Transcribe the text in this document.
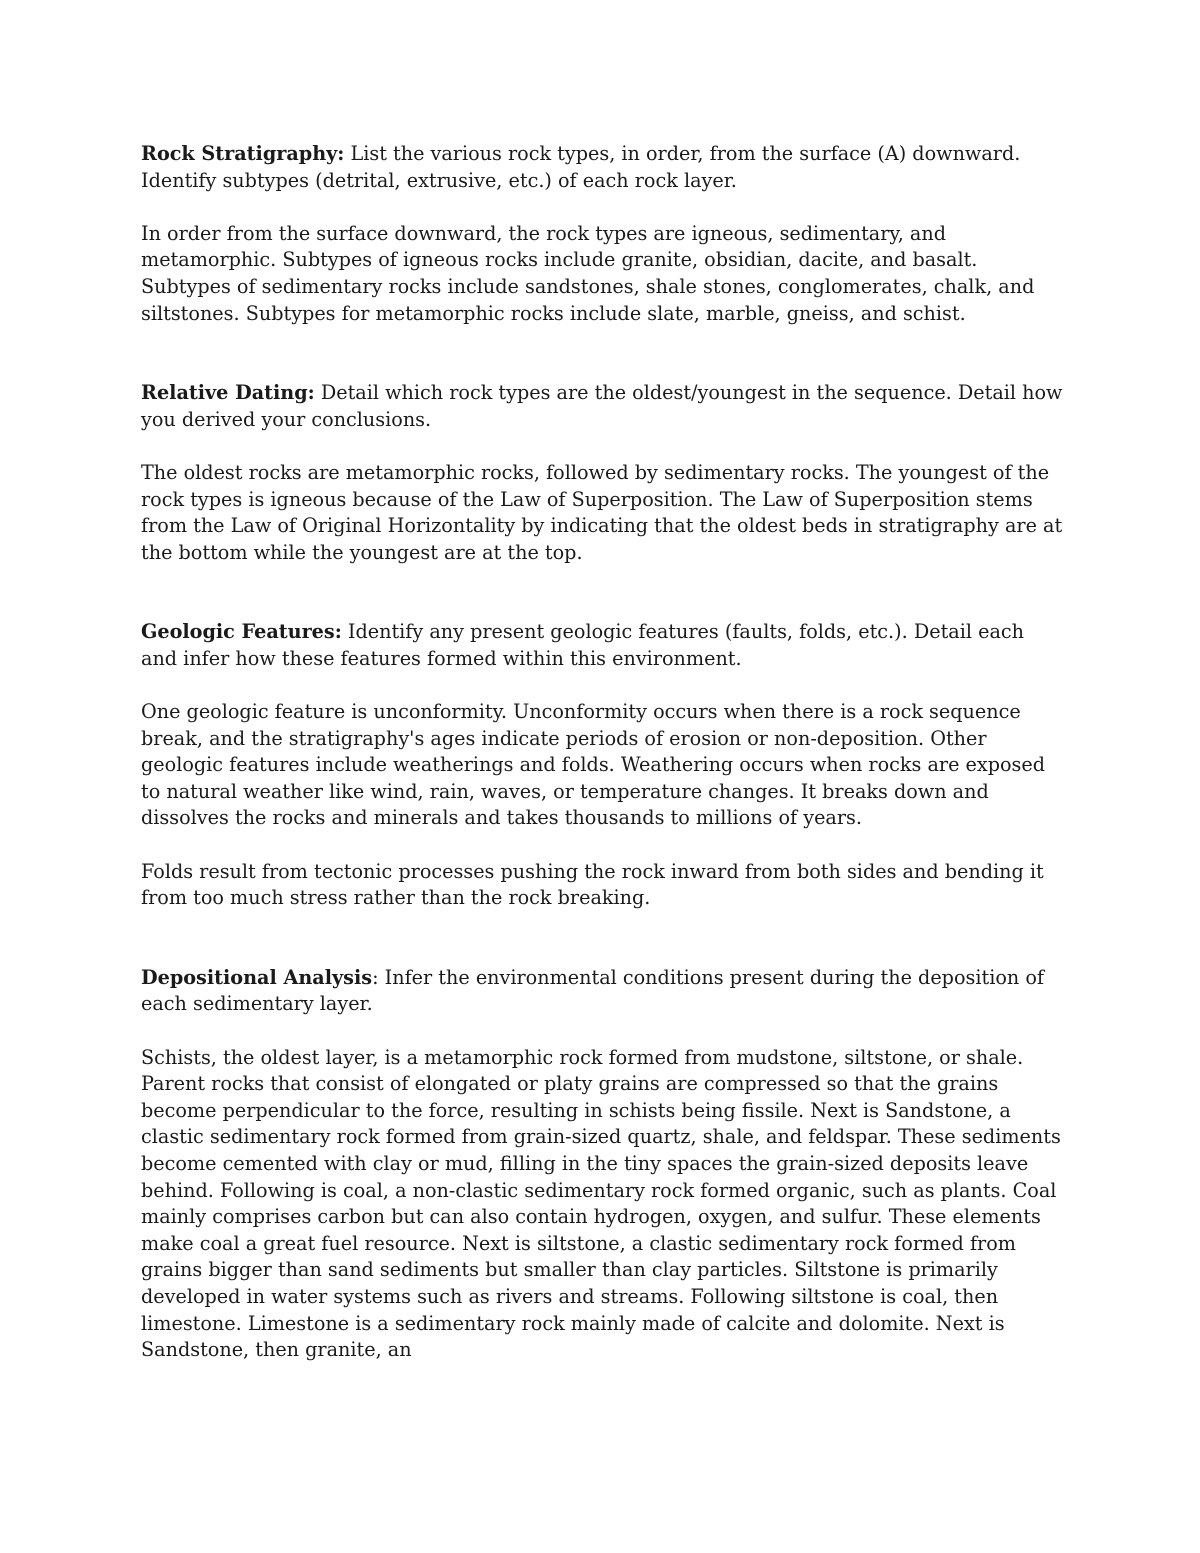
Rock Stratigraphy: List the various rock types, in order, from the surface (A) downward. Identify subtypes (detrital, extrusive, etc.) of each rock layer.

In order from the surface downward, the rock types are igneous, sedimentary, and metamorphic. Subtypes of igneous rocks include granite, obsidian, dacite, and basalt. Subtypes of sedimentary rocks include sandstones, shale stones, conglomerates, chalk, and siltstones. Subtypes for metamorphic rocks include slate, marble, gneiss, and schist.

Relative Dating: Detail which rock types are the oldest/youngest in the sequence. Detail how you derived your conclusions.

The oldest rocks are metamorphic rocks, followed by sedimentary rocks. The youngest of the rock types is igneous because of the Law of Superposition. The Law of Superposition stems from the Law of Original Horizontality by indicating that the oldest beds in stratigraphy are at the bottom while the youngest are at the top.

Geologic Features: Identify any present geologic features (faults, folds, etc.). Detail each and infer how these features formed within this environment.

One geologic feature is unconformity. Unconformity occurs when there is a rock sequence break, and the stratigraphy's ages indicate periods of erosion or non-deposition. Other geologic features include weatherings and folds. Weathering occurs when rocks are exposed to natural weather like wind, rain, waves, or temperature changes. It breaks down and dissolves the rocks and minerals and takes thousands to millions of years.

Folds result from tectonic processes pushing the rock inward from both sides and bending it from too much stress rather than the rock breaking.

Depositional Analysis: Infer the environmental conditions present during the deposition of each sedimentary layer.

Schists, the oldest layer, is a metamorphic rock formed from mudstone, siltstone, or shale. Parent rocks that consist of elongated or platy grains are compressed so that the grains become perpendicular to the force, resulting in schists being fissile. Next is Sandstone, a clastic sedimentary rock formed from grain-sized quartz, shale, and feldspar. These sediments become cemented with clay or mud, filling in the tiny spaces the grain-sized deposits leave behind. Following is coal, a non-clastic sedimentary rock formed organic, such as plants. Coal mainly comprises carbon but can also contain hydrogen, oxygen, and sulfur. These elements make coal a great fuel resource. Next is siltstone, a clastic sedimentary rock formed from grains bigger than sand sediments but smaller than clay particles. Siltstone is primarily developed in water systems such as rivers and streams. Following siltstone is coal, then limestone. Limestone is a sedimentary rock mainly made of calcite and dolomite. Next is Sandstone, then granite, an
